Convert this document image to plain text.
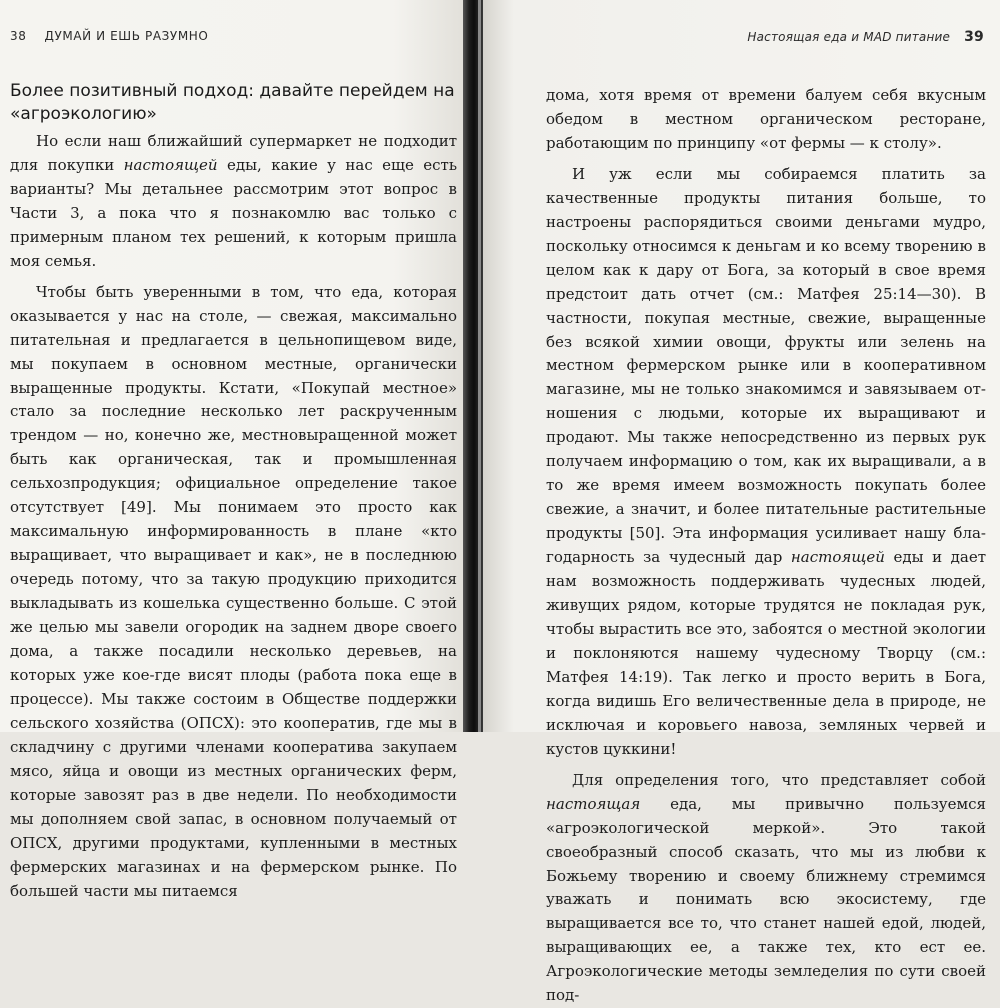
38 ДУМАЙ И ЕШЬ РАЗУМНО
Более позитивный подход: давайте перейдем на «агроэкологию»

Но если наш ближайший супермаркет не подходит для покупки настоящей еды, какие у нас еще есть варианты? Мы детальнее рассмотрим этот вопрос в Части 3, а пока что я познакомлю вас только с примерным планом тех решений, к которым пришла моя семья.

Чтобы быть уверенными в том, что еда, которая оказывается у нас на столе, — свежая, максимально питательная и предлагается в цельнопищевом виде, мы покупаем в основном местные, органически выращенные продукты. Кстати, «Покупай местное» стало за последние несколько лет раскрученным трендом — но, конечно же, местновыращенной может быть как органическая, так и промышленная сельхозпродукция; официальное определение такое отсутствует [49]. Мы понимаем это просто как максимальную информированность в плане «кто выращивает, что выращивает и как», не в последнюю очередь потому, что за такую продукцию приходится выкладывать из кошелька существенно больше. С этой же целью мы завели огородик на заднем дворе своего дома, а также посадили несколько деревьев, на которых уже кое-где висят плоды (работа пока еще в процессе). Мы также состоим в Обществе поддержки сельского хозяйства (ОПСХ): это кооператив, где мы в складчину с другими членами кооператива закупаем мясо, яйца и овощи из местных органических ферм, которые завозят раз в две недели. По необходимости мы дополняем свой запас, в основном получаемый от ОПСХ, другими продуктами, купленными в местных фермерских магазинах и на фермерском рынке. По большей части мы питаемся

Настоящая еда и MAD питание 39

дома, хотя время от времени балуем себя вкусным обедом в местном органическом ресторане, работающим по принципу «от фермы — к столу».

И уж если мы собираемся платить за качественные продукты питания больше, то настроены распорядиться своими деньгами мудро, поскольку относимся к деньгам и ко всему творению в целом как к дару от Бога, за который в свое время предстоит дать отчет (см.: Матфея 25:14—30). В частности, покупая местные, свежие, выращенные без всякой химии овощи, фрукты или зелень на местном фермерском рынке или в кооперативном магазине, мы не только знакомимся и завязываем отношения с людьми, которые их выращивают и продают. Мы также непосредственно из первых рук получаем информацию о том, как их выращивали, а в то же время имеем возможность покупать более свежие, а значит, и более питательные растительные продукты [50]. Эта информация усиливает нашу благодарность за чудесный дар настоящей еды и дает нам возможность поддерживать чудесных людей, живущих рядом, которые трудятся не покладая рук, чтобы вырастить все это, забоятся о местной экологии и поклоняются нашему чудесному Творцу (см.: Матфея 14:19). Так легко и просто верить в Бога, когда видишь Его величественные дела в природе, не исключая и коровьего навоза, земляных червей и кустов цуккини!

Для определения того, что представляет собой настоящая еда, мы привычно пользуемся «агроэкологической меркой». Это такой своеобразный способ сказать, что мы из любви к Божьему творению и своему ближнему стремимся уважать и понимать всю экосистему, где выращивается все то, что станет нашей едой, людей, выращивающих ее, а также тех, кто ест ее. Агроэкологические методы земледелия по сути своей под-
